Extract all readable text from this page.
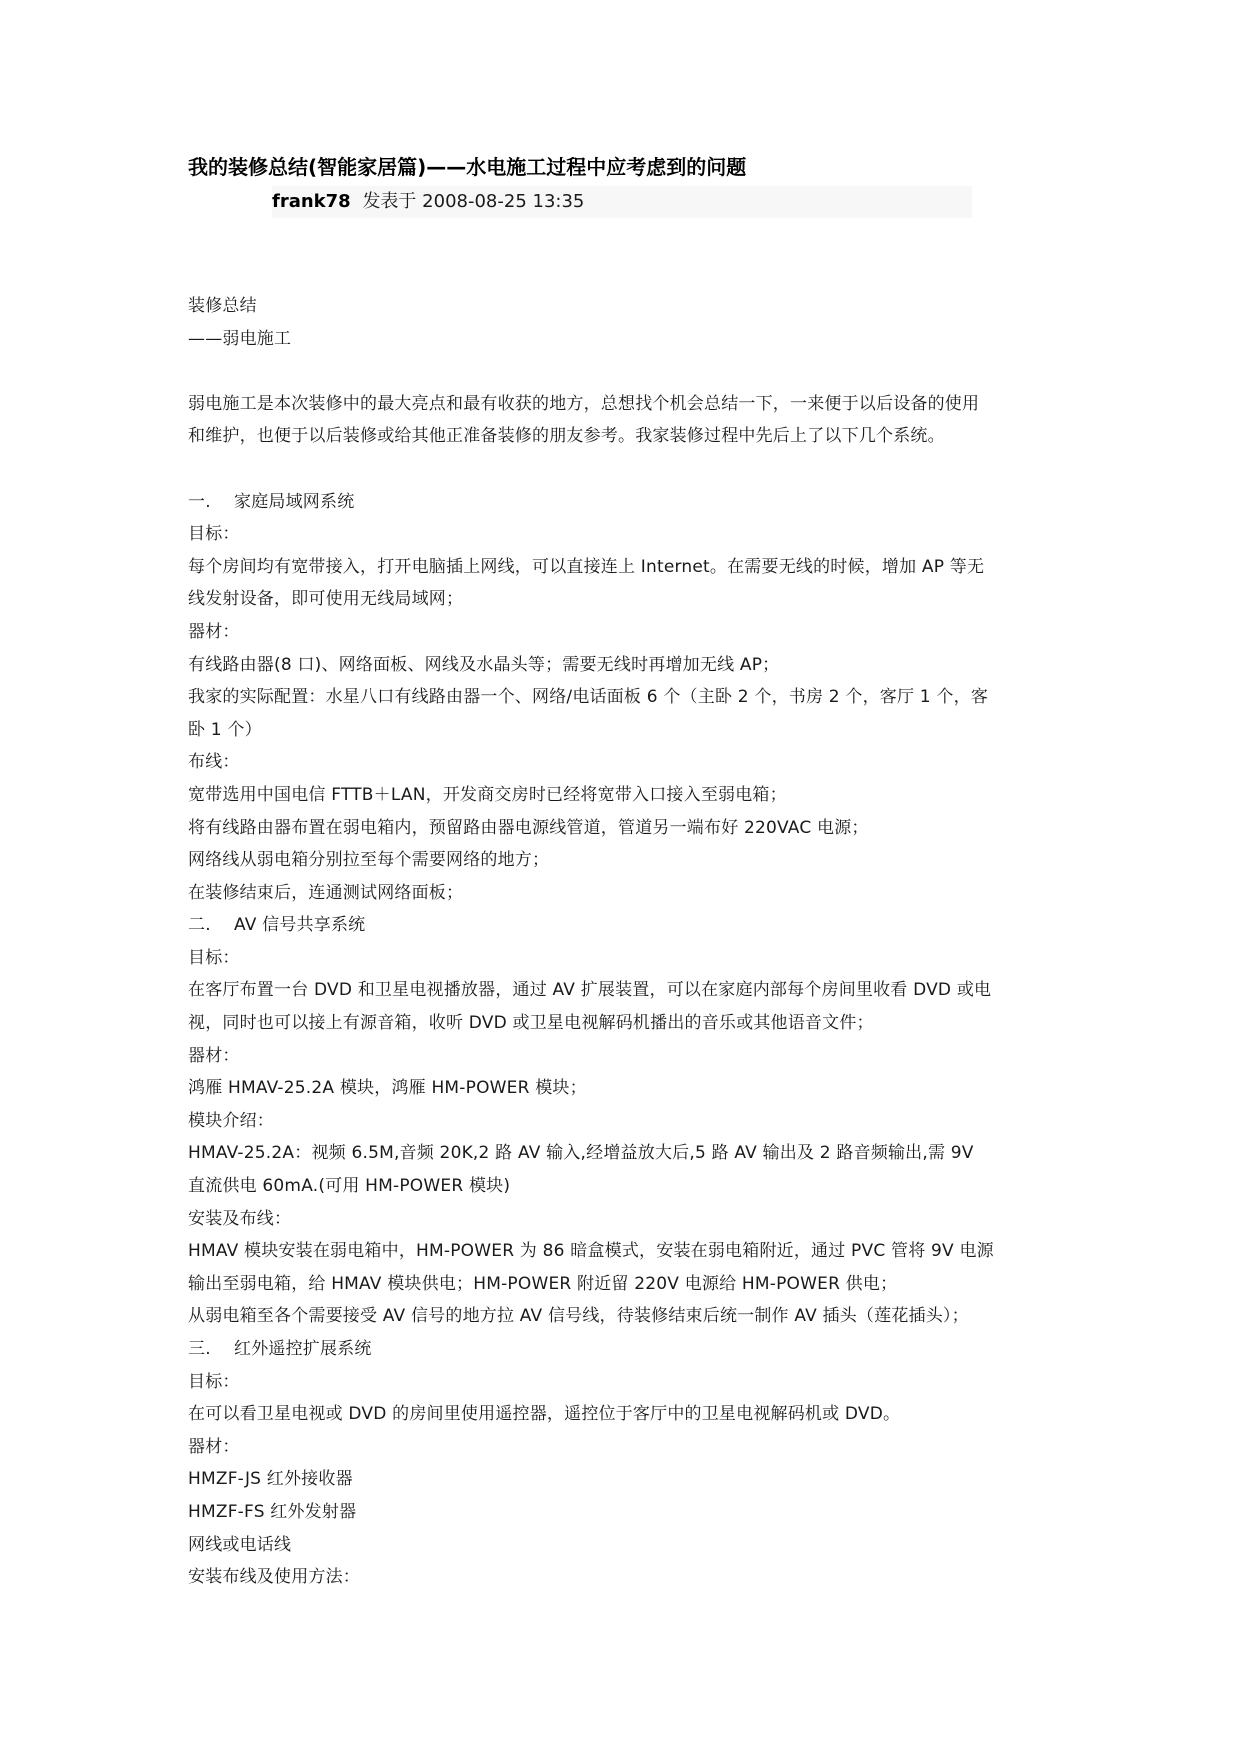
我的装修总结(智能家居篇)——水电施工过程中应考虑到的问题
frank78 发表于 2008-08-25 13:35
装修总结
——弱电施工
弱电施工是本次装修中的最大亮点和最有收获的地方，总想找个机会总结一下，一来便于以后设备的使用
和维护，也便于以后装修或给其他正准备装修的朋友参考。我家装修过程中先后上了以下几个系统。
一. 家庭局域网系统
目标：
每个房间均有宽带接入，打开电脑插上网线，可以直接连上 Internet。在需要无线的时候，增加 AP 等无
线发射设备，即可使用无线局域网；
器材：
有线路由器(8 口)、网络面板、网线及水晶头等；需要无线时再增加无线 AP；
我家的实际配置：水星八口有线路由器一个、网络/电话面板 6 个（主卧 2 个，书房 2 个，客厅 1 个，客
卧 1 个）
布线：
宽带选用中国电信 FTTB＋LAN，开发商交房时已经将宽带入口接入至弱电箱；
将有线路由器布置在弱电箱内，预留路由器电源线管道，管道另一端布好 220VAC 电源；
网络线从弱电箱分别拉至每个需要网络的地方；
在装修结束后，连通测试网络面板；
二. AV 信号共享系统
目标：
在客厅布置一台 DVD 和卫星电视播放器，通过 AV 扩展装置，可以在家庭内部每个房间里收看 DVD 或电
视，同时也可以接上有源音箱，收听 DVD 或卫星电视解码机播出的音乐或其他语音文件；
器材：
鸿雁 HMAV-25.2A 模块，鸿雁 HM-POWER 模块；
模块介绍：
HMAV-25.2A：视频 6.5M,音频 20K,2 路 AV 输入,经增益放大后,5 路 AV 输出及 2 路音频输出,需 9V
直流供电 60mA.(可用 HM-POWER 模块)
安装及布线：
HMAV 模块安装在弱电箱中，HM-POWER 为 86 暗盒模式，安装在弱电箱附近，通过 PVC 管将 9V 电源
输出至弱电箱，给 HMAV 模块供电；HM-POWER 附近留 220V 电源给 HM-POWER 供电；
从弱电箱至各个需要接受 AV 信号的地方拉 AV 信号线，待装修结束后统一制作 AV 插头（莲花插头）；
三. 红外遥控扩展系统
目标：
在可以看卫星电视或 DVD 的房间里使用遥控器，遥控位于客厅中的卫星电视解码机或 DVD。
器材：
HMZF-JS 红外接收器
HMZF-FS 红外发射器
网线或电话线
安装布线及使用方法：
